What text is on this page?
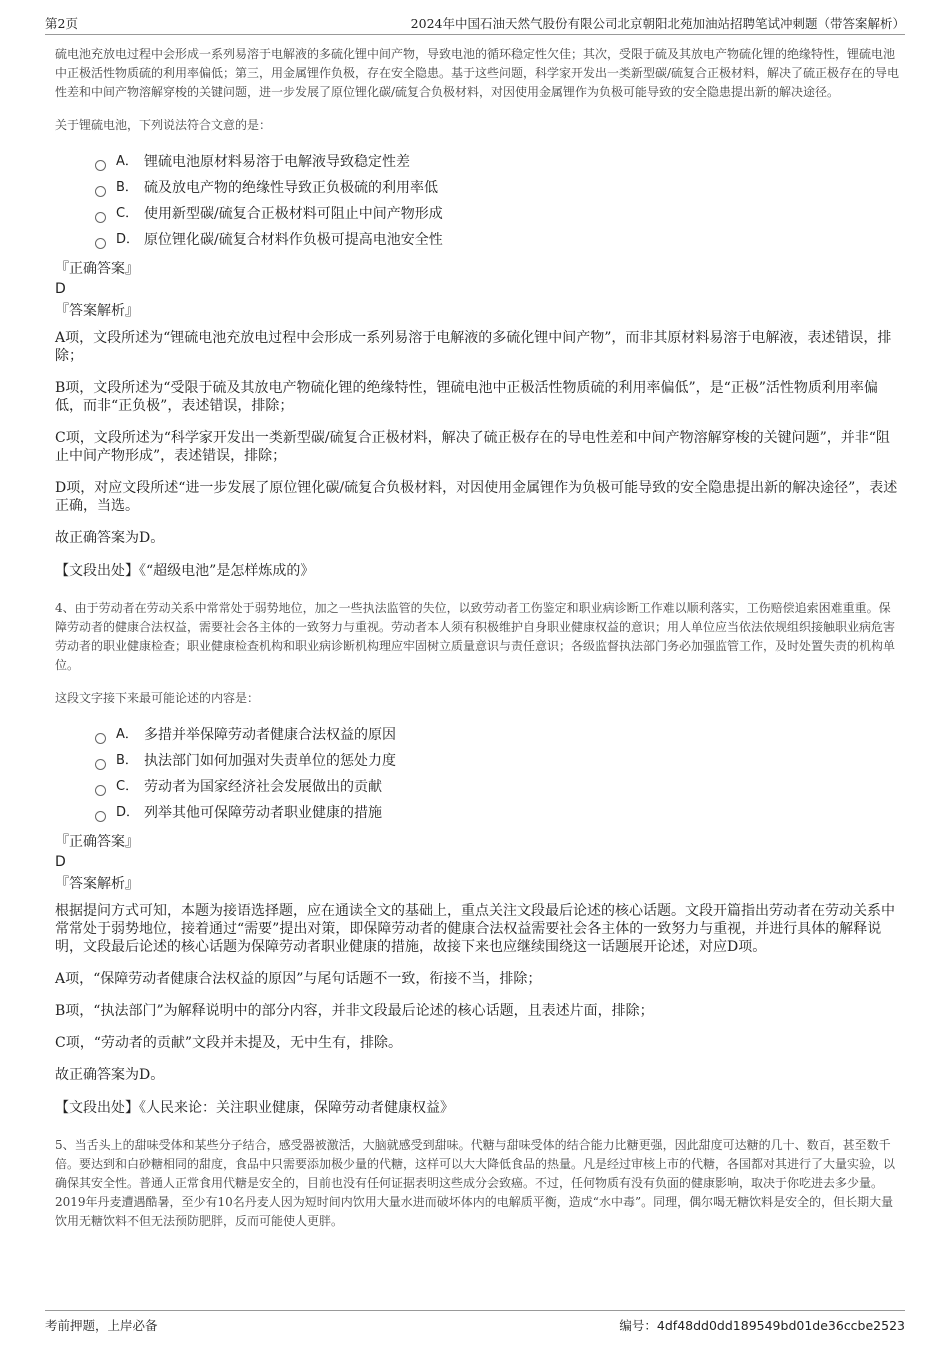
第2页	2024年中国石油天然气股份有限公司北京朝阳北苑加油站招聘笔试冲刺题（带答案解析）

硫电池充放电过程中会形成一系列易溶于电解液的多硫化锂中间产物，导致电池的循环稳定性欠佳；其次，受限于硫及其放电产物硫化锂的绝缘特性，锂硫电池中正极活性物质硫的利用率偏低；第三，用金属锂作负极，存在安全隐患。基于这些问题，科学家开发出一类新型碳/硫复合正极材料，解决了硫正极存在的导电性差和中间产物溶解穿梭的关键问题，进一步发展了原位锂化碳/硫复合负极材料，对因使用金属锂作为负极可能导致的安全隐患提出新的解决途径。

关于锂硫电池，下列说法符合文意的是：

A． 锂硫电池原材料易溶于电解液导致稳定性差
B． 硫及放电产物的绝缘性导致正负极硫的利用率低
C． 使用新型碳/硫复合正极材料可阻止中间产物形成
D． 原位锂化碳/硫复合材料作负极可提高电池安全性

『正确答案』

D

『答案解析』

A项，文段所述为“锂硫电池充放电过程中会形成一系列易溶于电解液的多硫化锂中间产物”，而非其原材料易溶于电解液，表述错误，排除；

B项，文段所述为“受限于硫及其放电产物硫化锂的绝缘特性，锂硫电池中正极活性物质硫的利用率偏低”，是“正极”活性物质利用率偏低，而非“正负极”，表述错误，排除；

C项，文段所述为“科学家开发出一类新型碳/硫复合正极材料，解决了硫正极存在的导电性差和中间产物溶解穿梭的关键问题”，并非“阻止中间产物形成”，表述错误，排除；

D项，对应文段所述“进一步发展了原位锂化碳/硫复合负极材料，对因使用金属锂作为负极可能导致的安全隐患提出新的解决途径”，表述正确，当选。

故正确答案为D。

【文段出处】《“超级电池”是怎样炼成的》

4、由于劳动者在劳动关系中常常处于弱势地位，加之一些执法监管的失位，以致劳动者工伤鉴定和职业病诊断工作难以顺利落实，工伤赔偿追索困难重重。保障劳动者的健康合法权益，需要社会各主体的一致努力与重视。劳动者本人须有积极维护自身职业健康权益的意识；用人单位应当依法依规组织接触职业病危害劳动者的职业健康检查；职业健康检查机构和职业病诊断机构理应牢固树立质量意识与责任意识；各级监督执法部门务必加强监管工作，及时处置失责的机构单位。

这段文字接下来最可能论述的内容是：

A． 多措并举保障劳动者健康合法权益的原因
B． 执法部门如何加强对失责单位的惩处力度
C． 劳动者为国家经济社会发展做出的贡献
D． 列举其他可保障劳动者职业健康的措施

『正确答案』

D

『答案解析』

根据提问方式可知，本题为接语选择题，应在通读全文的基础上，重点关注文段最后论述的核心话题。文段开篇指出劳动者在劳动关系中常常处于弱势地位，接着通过“需要”提出对策，即保障劳动者的健康合法权益需要社会各主体的一致努力与重视，并进行具体的解释说明，文段最后论述的核心话题为保障劳动者职业健康的措施，故接下来也应继续围绕这一话题展开论述，对应D项。

A项，“保障劳动者健康合法权益的原因”与尾句话题不一致，衔接不当，排除；

B项，“执法部门”为解释说明中的部分内容，并非文段最后论述的核心话题，且表述片面，排除；

C项，“劳动者的贡献”文段并未提及，无中生有，排除。

故正确答案为D。

【文段出处】《人民来论：关注职业健康，保障劳动者健康权益》

5、当舌头上的甜味受体和某些分子结合，感受器被激活，大脑就感受到甜味。代糖与甜味受体的结合能力比糖更强，因此甜度可达糖的几十、数百，甚至数千倍。要达到和白砂糖相同的甜度，食品中只需要添加极少量的代糖，这样可以大大降低食品的热量。凡是经过审核上市的代糖，各国都对其进行了大量实验，以确保其安全性。普通人正常食用代糖是安全的，目前也没有任何证据表明这些成分会致癌。不过，任何物质有没有负面的健康影响，取决于你吃进去多少量。2019年丹麦遭遇酷暑，至少有10名丹麦人因为短时间内饮用大量水进而破坏体内的电解质平衡，造成“水中毒”。同理，偶尔喝无糖饮料是安全的，但长期大量饮用无糖饮料不但无法预防肥胖，反而可能使人更胖。

考前押题，上岸必备	编号：4df48dd0dd189549bd01de36ccbe2523
